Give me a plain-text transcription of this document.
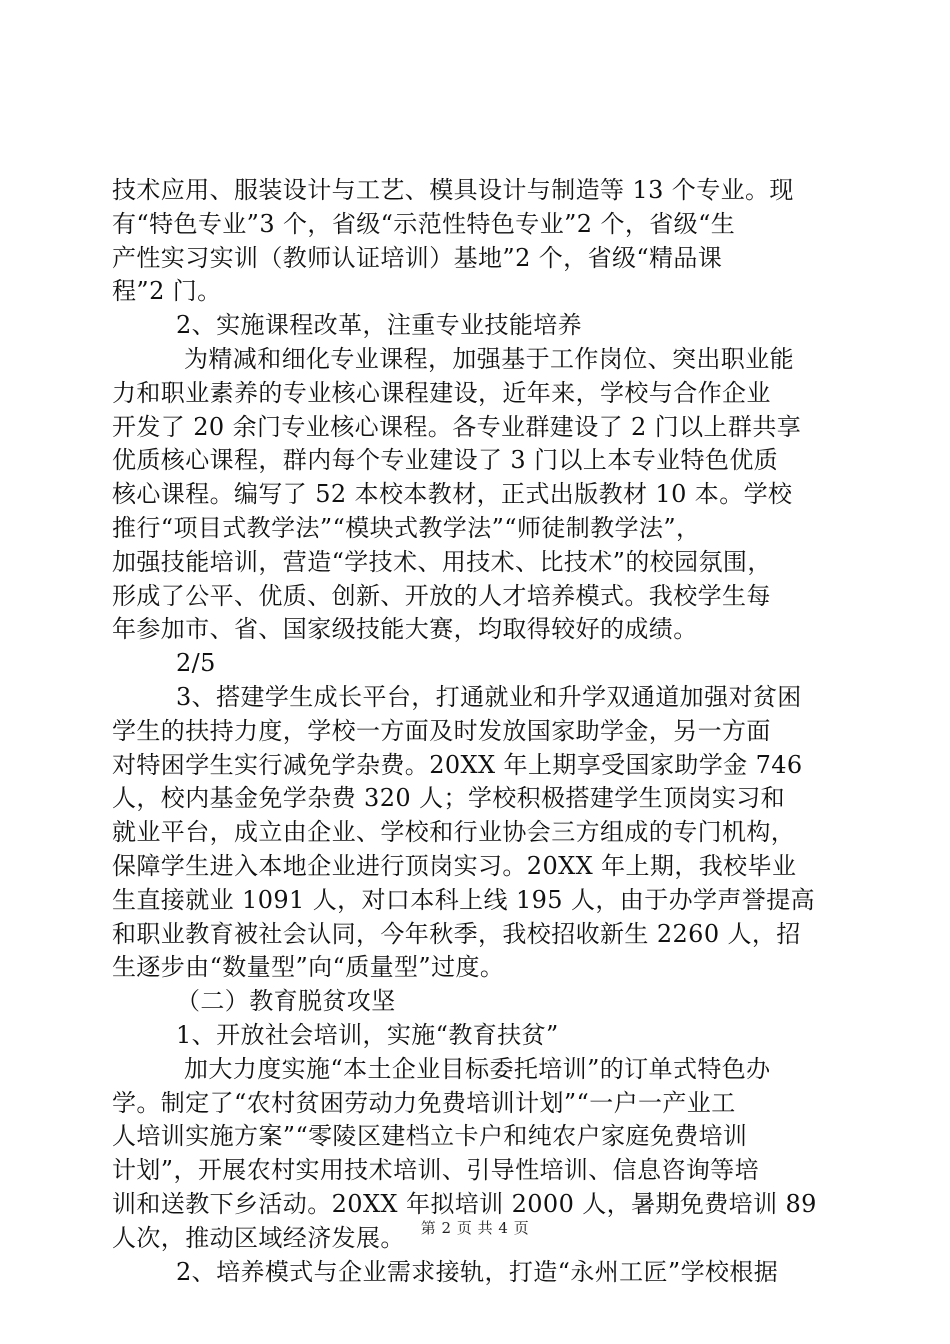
技术应用、服装设计与工艺、模具设计与制造等 13 个专业。现
有“特色专业”3 个，省级“示范性特色专业”2 个，省级“生
产性实习实训（教师认证培训）基地”2 个，省级“精品课
程”2 门。
2、实施课程改革，注重专业技能培养
为精减和细化专业课程，加强基于工作岗位、突出职业能
力和职业素养的专业核心课程建设，近年来，学校与合作企业
开发了 20 余门专业核心课程。各专业群建设了 2 门以上群共享
优质核心课程，群内每个专业建设了 3 门以上本专业特色优质
核心课程。编写了 52 本校本教材，正式出版教材 10 本。学校
推行“项目式教学法”“模块式教学法”“师徒制教学法”，
加强技能培训，营造“学技术、用技术、比技术”的校园氛围，
形成了公平、优质、创新、开放的人才培养模式。我校学生每
年参加市、省、国家级技能大赛，均取得较好的成绩。
2/5
3、搭建学生成长平台，打通就业和升学双通道加强对贫困
学生的扶持力度，学校一方面及时发放国家助学金，另一方面
对特困学生实行减免学杂费。20XX 年上期享受国家助学金 746
人，校内基金免学杂费 320 人；学校积极搭建学生顶岗实习和
就业平台，成立由企业、学校和行业协会三方组成的专门机构，
保障学生进入本地企业进行顶岗实习。20XX 年上期，我校毕业
生直接就业 1091 人，对口本科上线 195 人，由于办学声誉提高
和职业教育被社会认同，今年秋季，我校招收新生 2260 人，招
生逐步由“数量型”向“质量型”过度。
（二）教育脱贫攻坚
1、开放社会培训，实施“教育扶贫”
加大力度实施“本土企业目标委托培训”的订单式特色办
学。制定了“农村贫困劳动力免费培训计划”“一户一产业工
人培训实施方案”“零陵区建档立卡户和纯农户家庭免费培训
计划”，开展农村实用技术培训、引导性培训、信息咨询等培
训和送教下乡活动。20XX 年拟培训 2000 人，暑期免费培训 89
人次，推动区域经济发展。
2、培养模式与企业需求接轨，打造“永州工匠”学校根据
第 2 页 共 4 页
